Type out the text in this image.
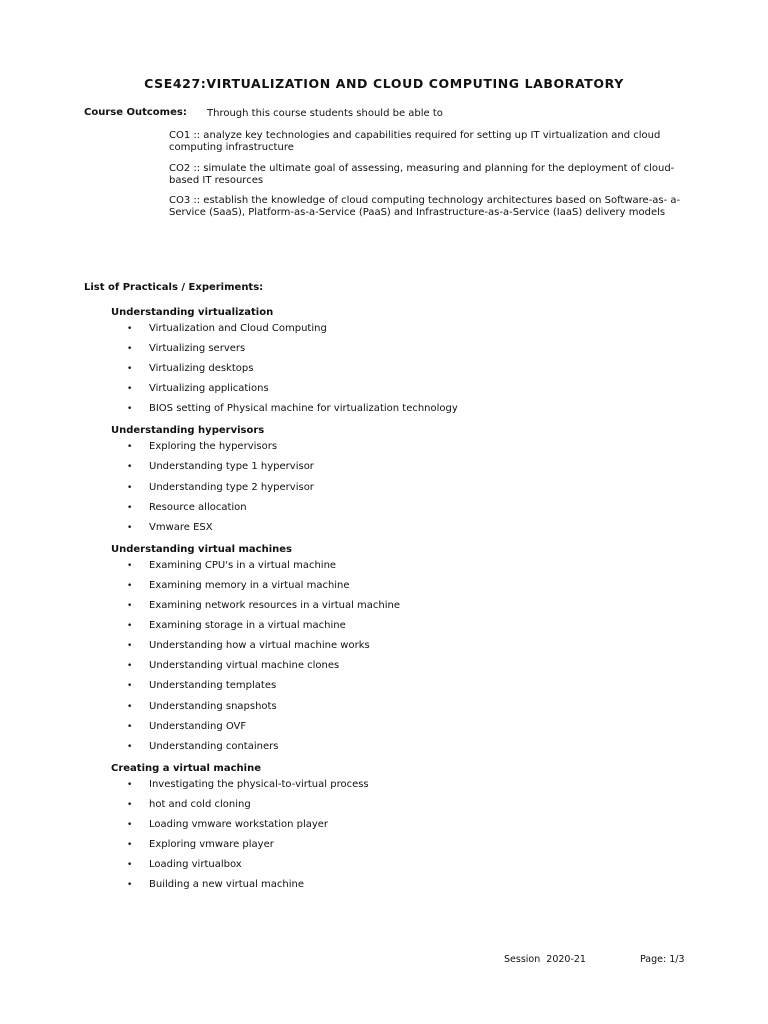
CSE427:VIRTUALIZATION AND CLOUD COMPUTING LABORATORY
Course Outcomes: Through this course students should be able to
CO1 :: analyze key technologies and capabilities required for setting up IT virtualization and cloud computing infrastructure
CO2 :: simulate the ultimate goal of assessing, measuring and planning for the deployment of cloud-based IT resources
CO3 :: establish the knowledge of cloud computing technology architectures based on Software-as- a-Service (SaaS), Platform-as-a-Service (PaaS) and Infrastructure-as-a-Service (IaaS) delivery models
List of Practicals / Experiments:
Understanding virtualization
• Virtualization and Cloud Computing
• Virtualizing servers
• Virtualizing desktops
• Virtualizing applications
• BIOS setting of Physical machine for virtualization technology
Understanding hypervisors
• Exploring the hypervisors
• Understanding type 1 hypervisor
• Understanding type 2 hypervisor
• Resource allocation
• Vmware ESX
Understanding virtual machines
• Examining CPU's in a virtual machine
• Examining memory in a virtual machine
• Examining network resources in a virtual machine
• Examining storage in a virtual machine
• Understanding how a virtual machine works
• Understanding virtual machine clones
• Understanding templates
• Understanding snapshots
• Understanding OVF
• Understanding containers
Creating a virtual machine
• Investigating the physical-to-virtual process
• hot and cold cloning
• Loading vmware workstation player
• Exploring vmware player
• Loading virtualbox
• Building a new virtual machine
Session  2020-21	Page: 1/3
